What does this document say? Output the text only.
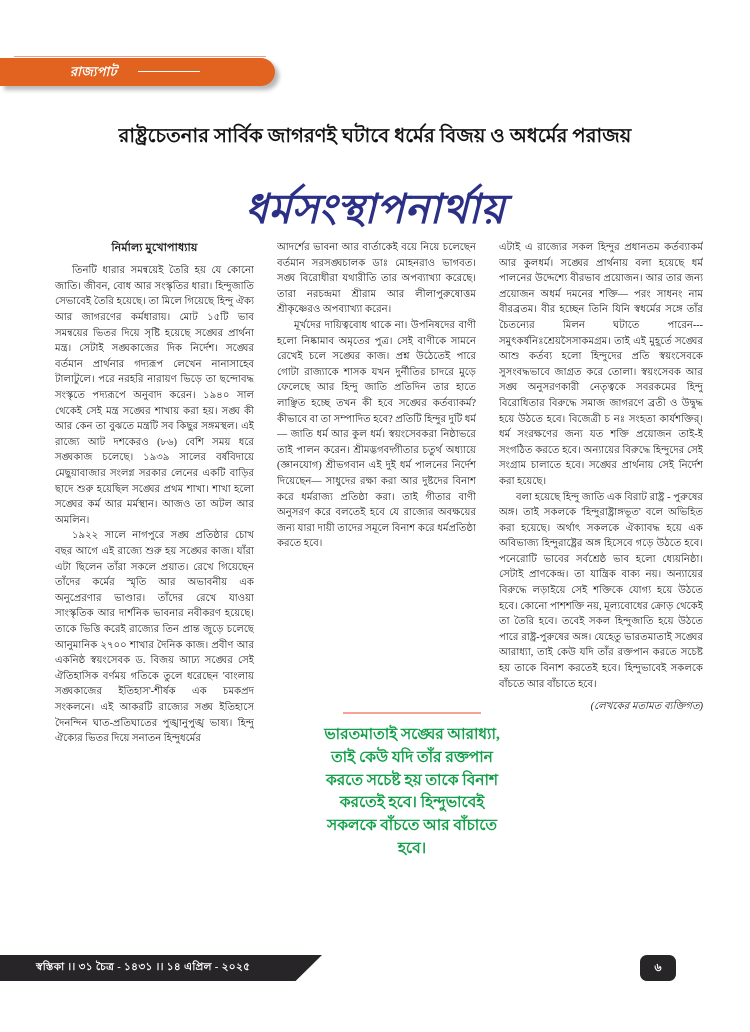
রাজ্যপাট
রাষ্ট্রচেতনার সার্বিক জাগরণই ঘটাবে ধর্মের বিজয় ও অধর্মের পরাজয়
ধর্মসংস্থাপনার্থায়
নির্মাল্য মুখোপাধ্যায়

তিনটি ধারার সমন্বয়েই তৈরি হয় যে কোনো জাতি। জীবন, বোধ আর সংস্কৃতির ধারা। হিন্দুজাতি সেভাবেই তৈরি হয়েছে। তা মিলে গিয়েছে হিন্দু ঐক্য আর জাগরণের কর্মধারায়। মোট ১৫টি ভাব সমন্বয়ের ভিতর দিয়ে সৃষ্টি হয়েছে সঙ্ঘের প্রার্থনা মন্ত্র। সেটাই সঙ্ঘকাজের দিক নির্দেশ। সঙ্ঘের বর্তমান প্রার্থনার গদ্যরূপ লেখেন নানাসাহেব টালাটুলে। পরে নরহরি নারায়ণ ভিড়ে তা ছন্দোবদ্ধ সংস্কৃতে পদ্যরূপে অনুবাদ করেন। ১৯৪০ সাল থেকেই সেই মন্ত্র সঙ্ঘের শাখায় করা হয়। সঙ্ঘ কী আর কেন তা বুঝতে মন্ত্রটি সব কিছুর সঙ্গমস্থল। এই রাজ্যে আট দশকেরও (৮৬) বেশি সময় ধরে সঙ্ঘকাজ চলেছে। ১৯৩৯ সালের বর্ষবিদায়ে মেছুয়াবাজার সংলগ্ন সরকার লেনের একটি বাড়ির ছাদে শুরু হয়েছিল সঙ্ঘের প্রথম শাখা। শাখা হলো সঙ্ঘের কর্ম আর মর্মস্থান। আজও তা অটল আর অমলিন।

১৯২২ সালে নাগপুরে সঙ্ঘ প্রতিষ্ঠার চোখ বছর আগে এই রাজ্যে শুরু হয় সঙ্ঘের কাজ। যাঁরা এটা ছিলেন তাঁরা সকলে প্রয়াত। রেখে গিয়েছেন তাঁদের কর্মের স্মৃতি আর অভাবনীয় এক অনুপ্রেরণার ভাণ্ডার। তাঁদের রেখে যাওয়া সাংস্কৃতিক আর দার্শনিক ভাবনার নবীকরণ হয়েছে। তাকে ভিত্তি করেই রাজ্যের তিন প্রান্ত জুড়ে চলেছে আনুমানিক ২৭০০ শাখার দৈনিক কাজ। প্রবীণ আর একনিষ্ঠ স্বয়ংসেবক ড. বিজয় আঢ্য সঙ্ঘের সেই ঐতিহাসিক বর্ণময় গতিকে তুলে ধরেছেন 'বাংলায় সঙ্ঘকাজের ইতিহাস'-শীর্ষক এক চমকপ্রদ সংকলনে। এই আকরটি রাজ্যের সঙ্ঘ ইতিহাসে দৈনন্দিন ঘাত-প্রতিঘাতের পুঙ্খানুপুঙ্খ ভাষ্য। হিন্দু ঐক্যের ভিতর দিয়ে সনাতন হিন্দুধর্মের

আদর্শের ভাবনা আর বার্তাকেই বয়ে নিয়ে চলেছেন বর্তমান সরসঙ্ঘচালক ডাঃ মোহনরাও ভাগবত। সঙ্ঘ বিরোধীরা যথারীতি তার অপব্যাখ্যা করেছে। তারা নরচন্দ্রমা শ্রীরাম আর লীলাপুরুষোত্তম শ্রীকৃষ্ণেরও অপব্যাখ্যা করেন।

মূর্খদের দায়িত্ববোধ থাকে না। উপনিষদের বাণী হলো নিষ্কামাব অমৃতের পুত্র। সেই বাণীকে সামনে রেখেই চলে সঙ্ঘের কাজ। প্রশ্ন উঠেতেই পারে গোটা রাজ্যাকে শাসক যখন দুর্নীতির চাদরে মুড়ে ফেলেছে আর হিন্দু জাতি প্রতিদিন তার হাতে লাঞ্ছিত হচ্ছে তখন কী হবে সঙ্ঘের কর্তব্যাকর্ম? কীভাবে বা তা সম্পাদিত হবে? প্রতিটি হিন্দুর দুটি ধর্ম— জাতি ধর্ম আর কুল ধর্ম। স্বয়ংসেবকরা নিষ্ঠাভরে তাই পালন করেন। শ্রীমদ্ভগবদ্গীতার চতুর্থ অধ্যায়ে (জ্ঞানযোগ) শ্রীভগবান এই দুই ধর্ম পালনের নির্দেশ দিয়েছেন— সাধুদের রক্ষা করা আর দুষ্টদের বিনাশ করে ধর্মরাজ্য প্রতিষ্ঠা করা। তাই গীতার বাণী অনুসরণ করে বলতেই হবে যে রাজ্যের অবক্ষয়ের জন্য যারা দায়ী তাদের সমূলে বিনাশ করে ধর্মপ্রতিষ্ঠা করতে হবে।

এটাই এ রাজ্যের সকল হিন্দুর প্রধানতম কর্তব্যাকর্ম আর কুলধর্ম। সঙ্ঘের প্রার্থনায় বলা হয়েছে ধর্ম পালনের উদ্দেশ্যে বীরভাব প্রয়োজন। আর তার জন্য প্রয়োজন অধর্ম দমনের শক্তি— পরং সাধনং নাম বীরব্রতম। বীর হচ্ছেন তিনি যিনি স্বধর্মের সঙ্গে তাঁর চৈতন্যের মিলন ঘটাতে পারেন--- সমুৎকর্ষনিঃশ্রেয়সৈসাকমগ্রম। তাই এই মুহূর্তে সঙ্ঘের আশু কর্তব্য হলো হিন্দুদের প্রতি স্বয়ংসেবকে সুসংবদ্ধভাবে জাগ্রত করে তোলা। স্বয়ংসেবক আর সঙ্ঘ অনুসরণকারী নেতৃত্বকে সবরকমের হিন্দু বিরোধিতার বিরুদ্ধে সমাজ জাগরণে ব্রতী ও উদ্বুদ্ধ হয়ে উঠতে হবে। বিজেত্রী চ নঃ সংহতা কার্যশক্তির্। ধর্ম সংরক্ষণের জন্য যত শক্তি প্রয়োজন তাই-ই সংগঠিত করতে হবে। অন্যায়ের বিরুদ্ধে হিন্দুদের সেই সংগ্রাম চালাতে হবে। সঙ্ঘের প্রার্থনায় সেই নির্দেশ করা হয়েছে।

বলা হয়েছে হিন্দু জাতি এক বিরাট রাষ্ট্র - পুরুষের অঙ্গ। তাই সকলকে 'হিন্দুরাষ্ট্রাঙ্গভূত' বলে অভিহিত করা হয়েছে। অর্থাৎ সকলকে ঐক্যাবদ্ধ হয়ে এক অবিভাজ্য হিন্দুরাষ্ট্রের অঙ্গ হিসেবে গড়ে উঠতে হবে। পনেরোটি ভাবের সর্বশ্রেষ্ঠ ভাব হলো ধ্যেয়নিষ্ঠা। সেটাই প্রাণকেন্দ্র। তা যান্ত্রিক বাক্য নয়। অন্যায়ের বিরুদ্ধে লড়াইয়ে সেই শক্তিকে যোগ্য হয়ে উঠতে হবে। কোনো পাশশক্তি নয়, মূল্যবোধের ক্রোড় থেকেই তা তৈরি হবে। তবেই সকল হিন্দুজাতি হয়ে উঠতে পারে রাষ্ট্র-পুরুষের অঙ্গ। যেহেতু ভারতমাতাই সঙ্ঘের আরাধ্যা, তাই কেউ যদি তাঁর রক্তপান করতে সচেষ্ট হয় তাকে বিনাশ করতেই হবে। হিন্দুভাবেই সকলকে বাঁচতে আর বাঁচাতে হবে।

(লেখকের মতামত ব্যক্তিগত)
ভারতমাতাই সঙ্ঘের আরাধ্যা, তাই কেউ যদি তাঁর রক্তপান করতে সচেষ্ট হয় তাকে বিনাশ করতেই হবে। হিন্দুভাবেই সকলকে বাঁচতে আর বাঁচাতে হবে।
স্বস্তিকা ।। ৩১ চৈত্র - ১৪৩১ ।। ১৪ এপ্রিল - ২০২৫	৬
